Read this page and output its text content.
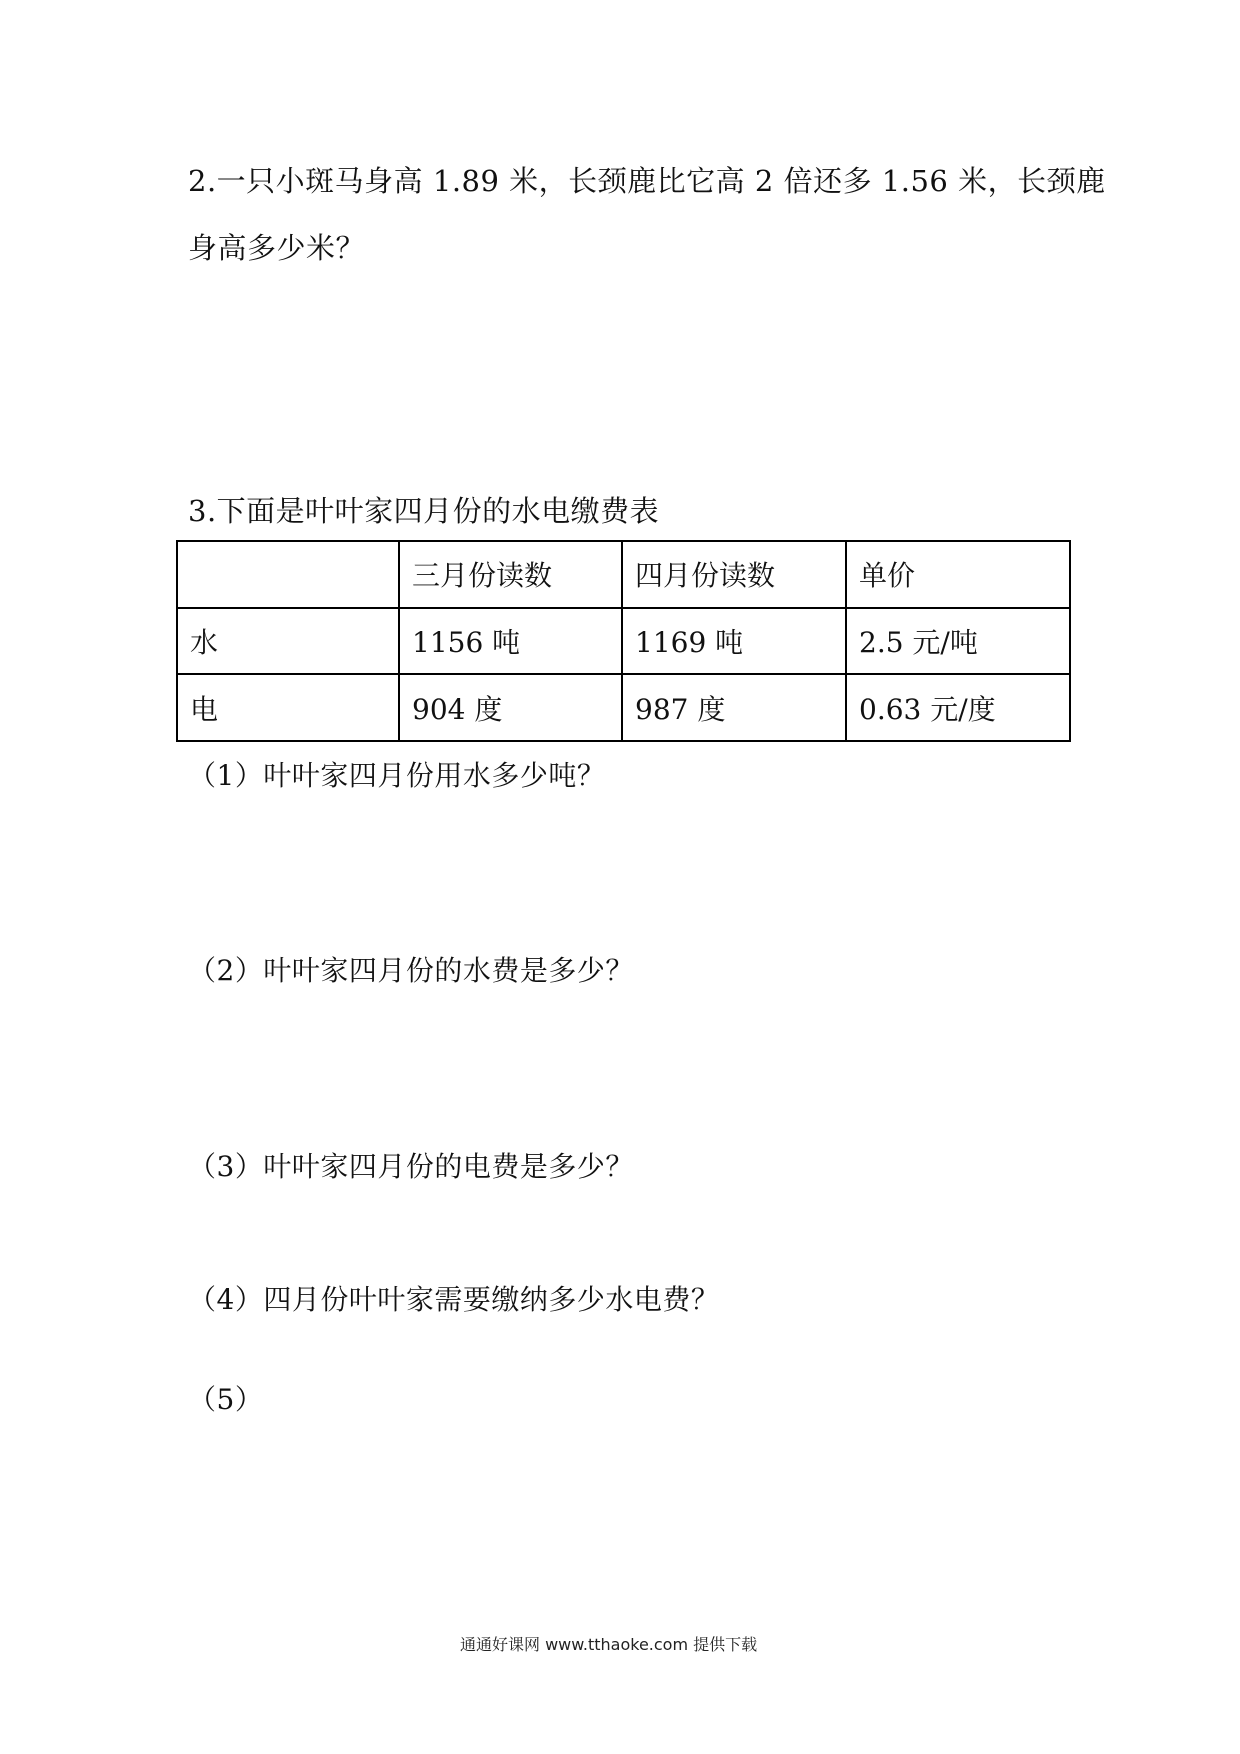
2.一只小斑马身高 1.89 米，长颈鹿比它高 2 倍还多 1.56 米，长颈鹿
身高多少米？
3.下面是叶叶家四月份的水电缴费表
	三月份读数	四月份读数	单价
水	1156 吨	1169 吨	2.5 元/吨
电	904 度	987 度	0.63 元/度
（1）叶叶家四月份用水多少吨？
（2）叶叶家四月份的水费是多少？
（3）叶叶家四月份的电费是多少？
（4）四月份叶叶家需要缴纳多少水电费？
（5）
通通好课网 www.tthaoke.com 提供下载
